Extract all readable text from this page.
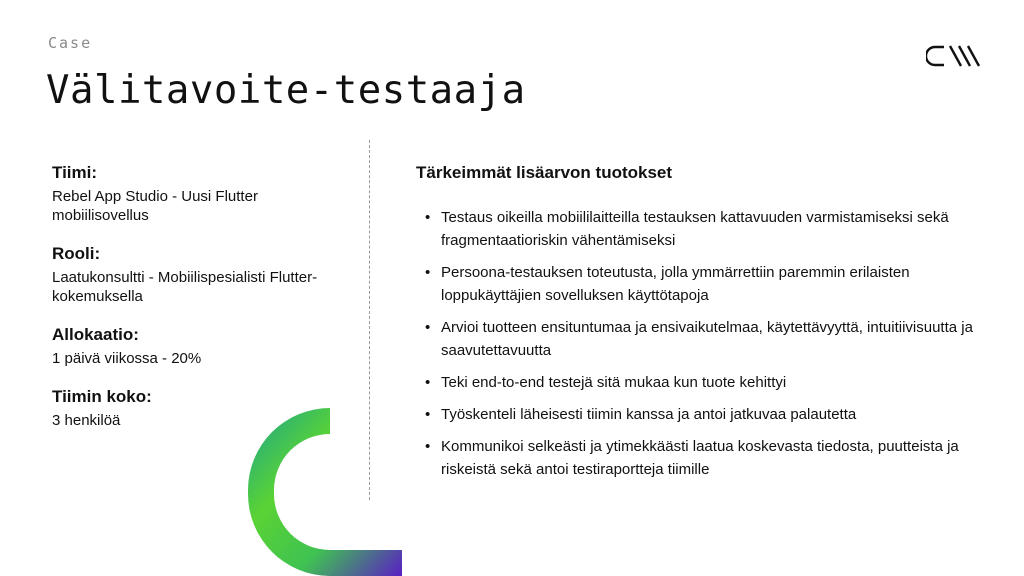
Case
Välitavoite-testaaja
Tiimi:
Rebel App Studio - Uusi Flutter mobiilisovellus
Rooli:
Laatukonsultti - Mobiilispesialisti Flutter-kokemuksella
Allokaatio:
1 päivä viikossa - 20%
Tiimin koko:
3 henkilöä
Tärkeimmät lisäarvon tuotokset
• Testaus oikeilla mobiililaitteilla testauksen kattavuuden varmistamiseksi sekä fragmentaatioriskin vähentämiseksi
• Persoona-testauksen toteutusta, jolla ymmärrettiin paremmin erilaisten loppukäyttäjien sovelluksen käyttötapoja
• Arvioi tuotteen ensituntumaa ja ensivaikutelmaa, käytettävyyttä, intuitiivisuutta ja saavutettavuutta
• Teki end-to-end testejä sitä mukaa kun tuote kehittyi
• Työskenteli läheisesti tiimin kanssa ja antoi jatkuvaa palautetta
• Kommunikoi selkeästi ja ytimekkäästi laatua koskevasta tiedosta, puutteista ja riskeistä sekä antoi testiraportteja tiimille
